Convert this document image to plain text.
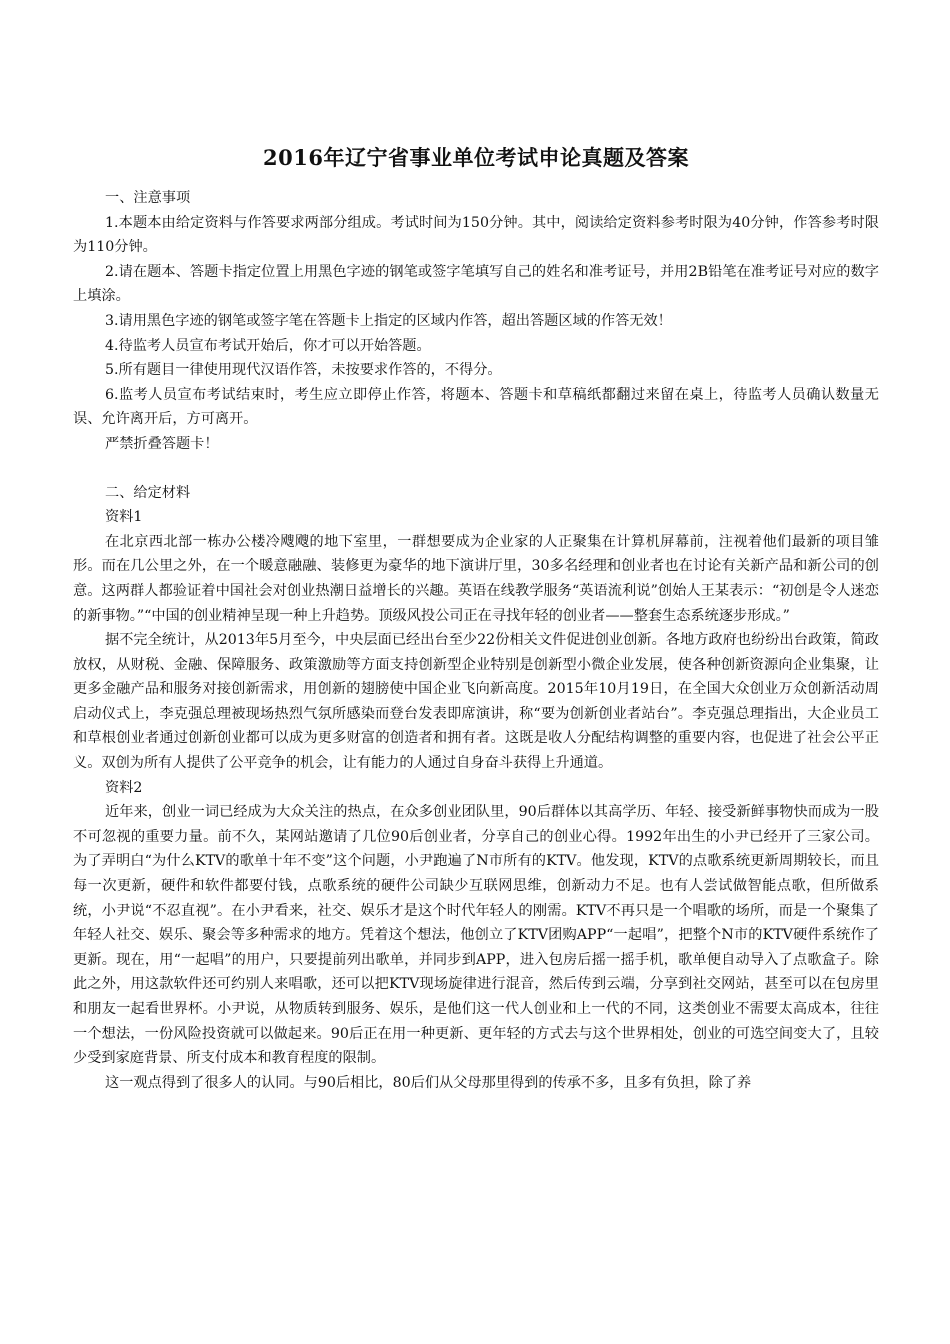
2016年辽宁省事业单位考试申论真题及答案

一、注意事项

1.本题本由给定资料与作答要求两部分组成。考试时间为150分钟。其中，阅读给定资料参考时限为40分钟，作答参考时限为110分钟。

2.请在题本、答题卡指定位置上用黑色字迹的钢笔或签字笔填写自己的姓名和准考证号，并用2B铅笔在准考证号对应的数字上填涂。

3.请用黑色字迹的钢笔或签字笔在答题卡上指定的区域内作答，超出答题区域的作答无效！

4.待监考人员宣布考试开始后，你才可以开始答题。

5.所有题目一律使用现代汉语作答，未按要求作答的，不得分。

6.监考人员宣布考试结束时，考生应立即停止作答，将题本、答题卡和草稿纸都翻过来留在桌上，待监考人员确认数量无误、允许离开后，方可离开。

严禁折叠答题卡！

二、给定材料

资料1

在北京西北部一栋办公楼冷飕飕的地下室里，一群想要成为企业家的人正聚集在计算机屏幕前，注视着他们最新的项目雏形。而在几公里之外，在一个暖意融融、装修更为豪华的地下演讲厅里，30多名经理和创业者也在讨论有关新产品和新公司的创意。这两群人都验证着中国社会对创业热潮日益增长的兴趣。英语在线教学服务“英语流利说”创始人王某表示：“初创是令人迷恋的新事物。”“中国的创业精神呈现一种上升趋势。顶级风投公司正在寻找年轻的创业者——整套生态系统逐步形成。”

据不完全统计，从2013年5月至今，中央层面已经出台至少22份相关文件促进创业创新。各地方政府也纷纷出台政策，简政放权，从财税、金融、保障服务、政策激励等方面支持创新型企业特别是创新型小微企业发展，使各种创新资源向企业集聚，让更多金融产品和服务对接创新需求，用创新的翅膀使中国企业飞向新高度。2015年10月19日，在全国大众创业万众创新活动周启动仪式上，李克强总理被现场热烈气氛所感染而登台发表即席演讲，称“要为创新创业者站台”。李克强总理指出，大企业员工和草根创业者通过创新创业都可以成为更多财富的创造者和拥有者。这既是收人分配结构调整的重要内容，也促进了社会公平正义。双创为所有人提供了公平竞争的机会，让有能力的人通过自身奋斗获得上升通道。

资料2

近年来，创业一词已经成为大众关注的热点，在众多创业团队里，90后群体以其高学历、年轻、接受新鲜事物快而成为一股不可忽视的重要力量。前不久，某网站邀请了几位90后创业者，分享自己的创业心得。1992年出生的小尹已经开了三家公司。为了弄明白“为什么KTV的歌单十年不变”这个问题，小尹跑遍了N市所有的KTV。他发现，KTV的点歌系统更新周期较长，而且每一次更新，硬件和软件都要付钱，点歌系统的硬件公司缺少互联网思维，创新动力不足。也有人尝试做智能点歌，但所做系统，小尹说“不忍直视”。在小尹看来，社交、娱乐才是这个时代年轻人的刚需。KTV不再只是一个唱歌的场所，而是一个聚集了年轻人社交、娱乐、聚会等多种需求的地方。凭着这个想法，他创立了KTV团购APP“一起唱”，把整个N市的KTV硬件系统作了更新。现在，用“一起唱”的用户，只要提前列出歌单，并同步到APP，进入包房后摇一摇手机，歌单便自动导入了点歌盒子。除此之外，用这款软件还可约别人来唱歌，还可以把KTV现场旋律进行混音，然后传到云端，分享到社交网站，甚至可以在包房里和朋友一起看世界杯。小尹说，从物质转到服务、娱乐，是他们这一代人创业和上一代的不同，这类创业不需要太高成本，往往一个想法，一份风险投资就可以做起来。90后正在用一种更新、更年轻的方式去与这个世界相处，创业的可选空间变大了，且较少受到家庭背景、所支付成本和教育程度的限制。

这一观点得到了很多人的认同。与90后相比，80后们从父母那里得到的传承不多，且多有负担，除了养
